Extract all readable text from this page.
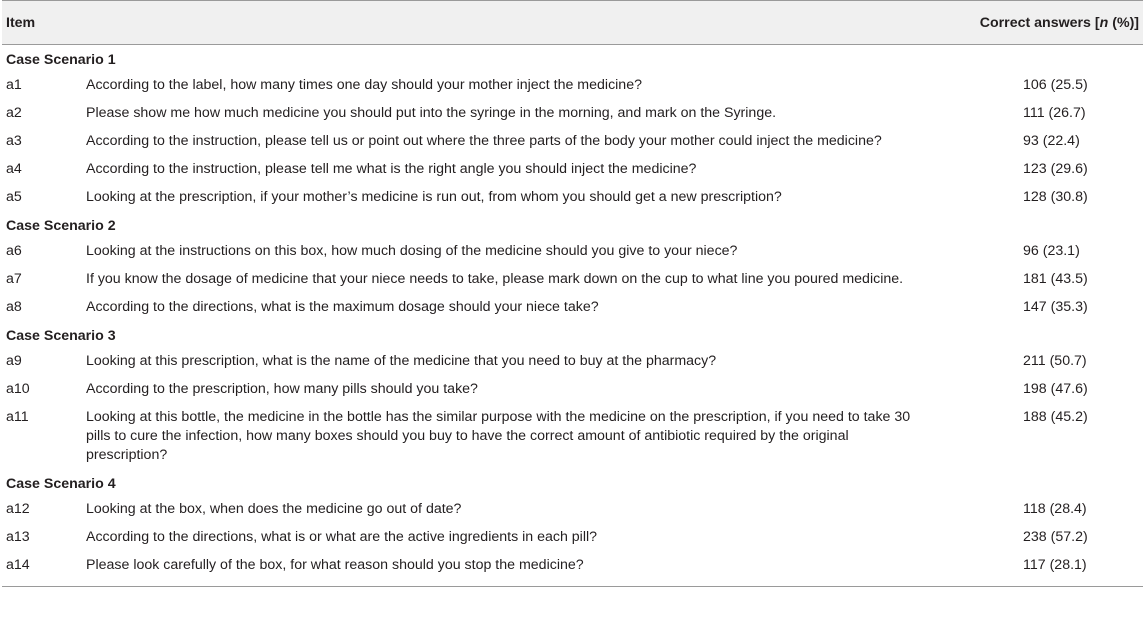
Item		Correct answers [n (%)]
Case Scenario 1		
a1	According to the label, how many times one day should your mother inject the medicine?	106 (25.5)
a2	Please show me how much medicine you should put into the syringe in the morning, and mark on the Syringe.	111 (26.7)
a3	According to the instruction, please tell us or point out where the three parts of the body your mother could inject the medicine?	93 (22.4)
a4	According to the instruction, please tell me what is the right angle you should inject the medicine?	123 (29.6)
a5	Looking at the prescription, if your mother’s medicine is run out, from whom you should get a new prescription?	128 (30.8)
Case Scenario 2		
a6	Looking at the instructions on this box, how much dosing of the medicine should you give to your niece?	96 (23.1)
a7	If you know the dosage of medicine that your niece needs to take, please mark down on the cup to what line you poured medicine.	181 (43.5)
a8	According to the directions, what is the maximum dosage should your niece take?	147 (35.3)
Case Scenario 3		
a9	Looking at this prescription, what is the name of the medicine that you need to buy at the pharmacy?	211 (50.7)
a10	According to the prescription, how many pills should you take?	198 (47.6)
a11	Looking at this bottle, the medicine in the bottle has the similar purpose with the medicine on the prescription, if you need to take 30 pills to cure the infection, how many boxes should you buy to have the correct amount of antibiotic required by the original prescription?	188 (45.2)
Case Scenario 4		
a12	Looking at the box, when does the medicine go out of date?	118 (28.4)
a13	According to the directions, what is or what are the active ingredients in each pill?	238 (57.2)
a14	Please look carefully of the box, for what reason should you stop the medicine?	117 (28.1)
